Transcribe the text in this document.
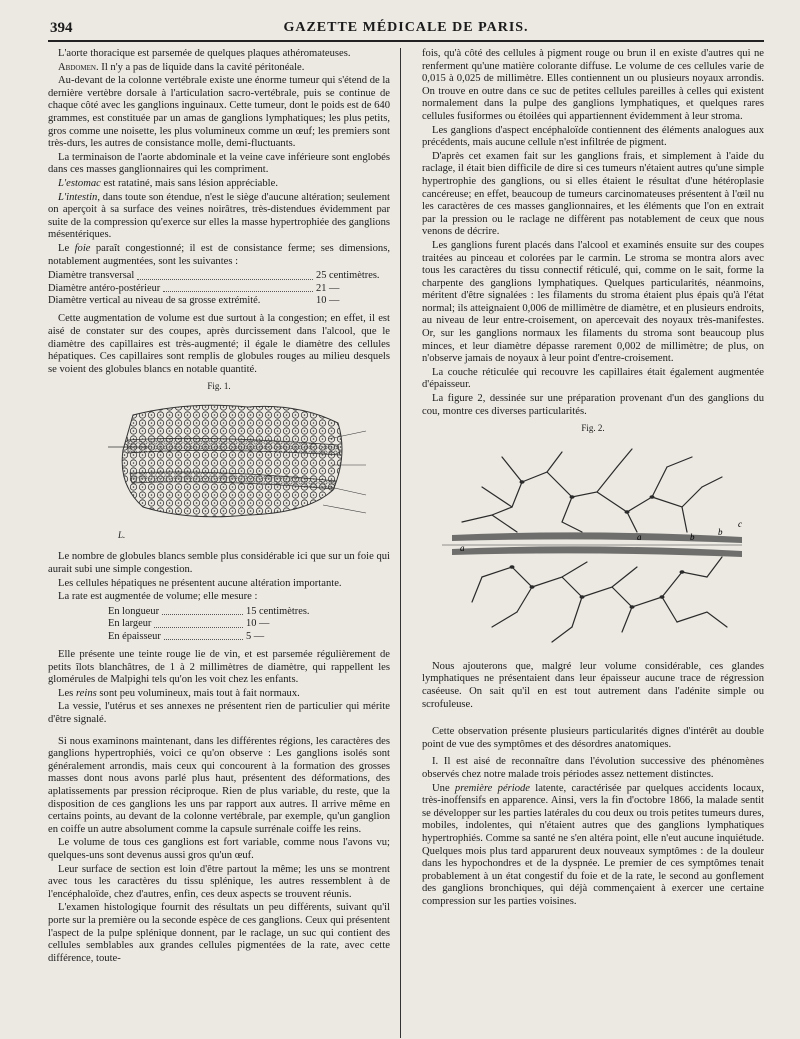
394	GAZETTE MÉDICALE DE PARIS.

L'aorte thoracique est parsemée de quelques plaques athéromateuses.

Abdomen. Il n'y a pas de liquide dans la cavité péritonéale.

Au-devant de la colonne vertébrale existe une énorme tumeur qui s'étend de la dernière vertèbre dorsale à l'articulation sacro-vertébrale, puis se continue de chaque côté avec les ganglions inguinaux. Cette tumeur, dont le poids est de 640 grammes, est constituée par un amas de ganglions lymphatiques; les plus petits, gros comme une noisette, les plus volumineux comme un œuf; les premiers sont très-durs, les autres de consistance molle, demi-fluctuants.

La terminaison de l'aorte abdominale et la veine cave inférieure sont englobés dans ces masses ganglionnaires qui les compriment.

L'estomac est ratatiné, mais sans lésion appréciable.

L'intestin, dans toute son étendue, n'est le siège d'aucune altération; seulement on aperçoit à sa surface des veines noirâtres, très-distendues évidemment par suite de la compression qu'exerce sur elles la masse hypertrophiée des ganglions mésentériques.

Le foie paraît congestionné; il est de consistance ferme; ses dimensions, notablement augmentées, sont les suivantes :

Diamètre transversal	25 centimètres.
Diamètre antéro-postérieur	21 —
Diamètre vertical au niveau de sa grosse extrémité.	10 —

Cette augmentation de volume est due surtout à la congestion; en effet, il est aisé de constater sur des coupes, après durcissement dans l'alcool, que le diamètre des capillaires est très-augmenté; il égale le diamètre des cellules hépatiques. Ces capillaires sont remplis de globules rouges au milieu desquels se voient des globules blancs en notable quantité.

Fig. 1.
L.

Le nombre de globules blancs semble plus considérable ici que sur un foie qui aurait subi une simple congestion.

Les cellules hépatiques ne présentent aucune altération importante.

La rate est augmentée de volume; elle mesure :

En longueur	15 centimètres.
En largeur	10 —
En épaisseur	5 —

Elle présente une teinte rouge lie de vin, et est parsemée régulièrement de petits îlots blanchâtres, de 1 à 2 millimètres de diamètre, qui rappellent les glomérules de Malpighi tels qu'on les voit chez les enfants.

Les reins sont peu volumineux, mais tout à fait normaux.

La vessie, l'utérus et ses annexes ne présentent rien de particulier qui mérite d'être signalé.

Si nous examinons maintenant, dans les différentes régions, les caractères des ganglions hypertrophiés, voici ce qu'on observe : Les ganglions isolés sont généralement arrondis, mais ceux qui concourent à la formation des grosses masses dont nous avons parlé plus haut, présentent des déformations, des aplatissements par pression réciproque. Rien de plus variable, du reste, que la disposition de ces ganglions les uns par rapport aux autres. Il arrive même en certains points, au devant de la colonne vertébrale, par exemple, qu'un ganglion en coiffe un autre absolument comme la capsule surrénale coiffe les reins.

Le volume de tous ces ganglions est fort variable, comme nous l'avons vu; quelques-uns sont devenus aussi gros qu'un œuf.

Leur surface de section est loin d'être partout la même; les uns se montrent avec tous les caractères du tissu splénique, les autres ressemblent à de l'encéphaloïde, chez d'autres, enfin, ces deux aspects se trouvent réunis.

L'examen histologique fournit des résultats un peu différents, suivant qu'il porte sur la première ou la seconde espèce de ces ganglions. Ceux qui présentent l'aspect de la pulpe splénique donnent, par le raclage, un suc qui contient des cellules semblables aux grandes cellules pigmentées de la rate, avec cette différence, toute-

fois, qu'à côté des cellules à pigment rouge ou brun il en existe d'autres qui ne renferment qu'une matière colorante diffuse. Le volume de ces cellules varie de 0,015 à 0,025 de millimètre. Elles contiennent un ou plusieurs noyaux arrondis. On trouve en outre dans ce suc de petites cellules pareilles à celles qui existent normalement dans la pulpe des ganglions lymphatiques, et quelques rares cellules fusiformes ou étoilées qui appartiennent évidemment à leur stroma.

Les ganglions d'aspect encéphaloïde contiennent des éléments analogues aux précédents, mais aucune cellule n'est infiltrée de pigment.

D'après cet examen fait sur les ganglions frais, et simplement à l'aide du raclage, il était bien difficile de dire si ces tumeurs n'étaient autres qu'une simple hypertrophie des ganglions, ou si elles étaient le résultat d'une hétéroplasie cancéreuse; en effet, beaucoup de tumeurs carcinomateuses présentent à l'œil nu les caractères de ces masses ganglionnaires, et les éléments que l'on en extrait par la pression ou le raclage ne diffèrent pas notablement de ceux que nous venons de décrire.

Les ganglions furent placés dans l'alcool et examinés ensuite sur des coupes traitées au pinceau et colorées par le carmin. Le stroma se montra alors avec tous les caractères du tissu connectif réticulé, qui, comme on le sait, forme la charpente des ganglions lymphatiques. Quelques particularités, néanmoins, méritent d'être signalées : les filaments du stroma étaient plus épais qu'à l'état normal; ils atteignaient 0,006 de millimètre de diamètre, et en plusieurs endroits, au niveau de leur entre-croisement, on apercevait des noyaux très-manifestes. Or, sur les ganglions normaux les filaments du stroma sont beaucoup plus minces, et leur diamètre dépasse rarement 0,002 de millimètre; de plus, on n'observe jamais de noyaux à leur point d'entre-croisement.

La couche réticulée qui recouvre les capillaires était également augmentée d'épaisseur.

La figure 2, dessinée sur une préparation provenant d'un des ganglions du cou, montre ces diverses particularités.

Fig. 2.
a
a	b	b
c

Nous ajouterons que, malgré leur volume considérable, ces glandes lymphatiques ne présentaient dans leur épaisseur aucune trace de régression caséeuse. On sait qu'il en est tout autrement dans l'adénite simple ou scrofuleuse.

Cette observation présente plusieurs particularités dignes d'intérêt au double point de vue des symptômes et des désordres anatomiques.

I. Il est aisé de reconnaître dans l'évolution successive des phénomènes observés chez notre malade trois périodes assez nettement distinctes.

Une première période latente, caractérisée par quelques accidents locaux, très-inoffensifs en apparence. Ainsi, vers la fin d'octobre 1866, la malade sentit se développer sur les parties latérales du cou deux ou trois petites tumeurs dures, mobiles, indolentes, qui n'étaient autres que des ganglions lymphatiques hypertrophiés. Comme sa santé ne s'en altéra point, elle n'eut aucune inquiétude. Quelques mois plus tard apparurent deux nouveaux symptômes : de la douleur dans les hypochondres et de la dyspnée. Le premier de ces symptômes tenait probablement à un état congestif du foie et de la rate, le second au gonflement des ganglions bronchiques, qui déjà commençaient à exercer une certaine compression sur les parties voisines.
